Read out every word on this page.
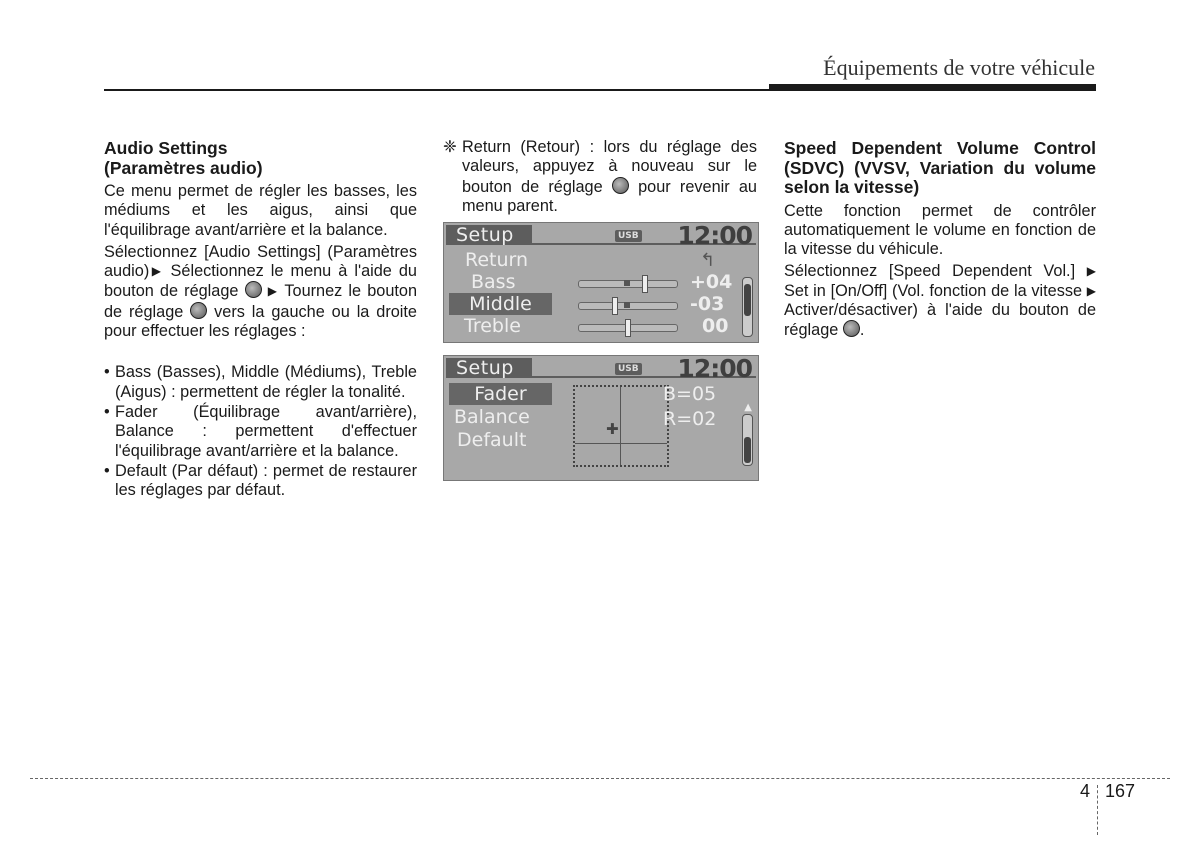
Équipements de votre véhicule
Audio Settings
(Paramètres audio)

Ce menu permet de régler les basses, les médiums et les aigus, ainsi que l'équilibrage avant/arrière et la balance.

Sélectionnez [Audio Settings] (Paramètres audio)▶ Sélectionnez le menu à l'aide du bouton de réglage  ▶ Tournez le bouton de réglage  vers la gauche ou la droite pour effectuer les réglages :

• Bass (Basses), Middle (Médiums), Treble (Aigus) : permettent de régler la tonalité.
• Fader (Équilibrage avant/arrière), Balance : permettent d'effectuer l'équilibrage avant/arrière et la balance.
• Default (Par défaut) : permet de restaurer les réglages par défaut.
❈ Return (Retour) : lors du réglage des valeurs, appuyez à nouveau sur le bouton de réglage  pour revenir au menu parent.
Setup	USB 12:00
Return	↰
Bass	+04
Middle	-03
Treble	00
Setup	USB 12:00
Fader
Balance
Default	✚
B=05
R=02
▲
Speed Dependent Volume Control (SDVC) (VVSV, Variation du volume selon la vitesse)

Cette fonction permet de contrôler automatiquement le volume en fonction de la vitesse du véhicule.

Sélectionnez [Speed Dependent Vol.] ▶ Set in [On/Off] (Vol. fonction de la vitesse ▶ Activer/désactiver) à l'aide du bouton de réglage .

4 167
